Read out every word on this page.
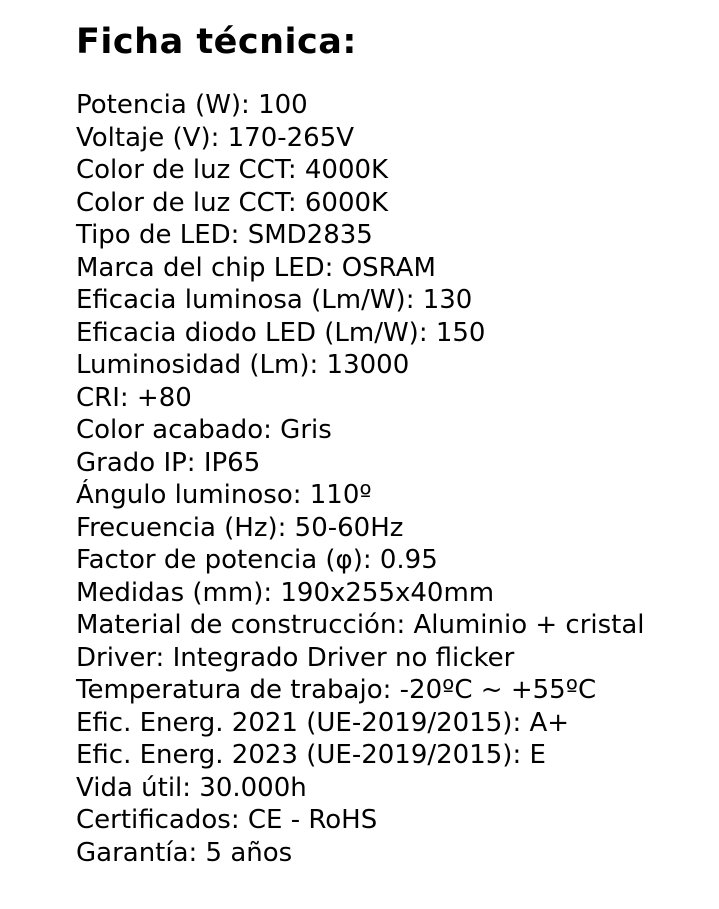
Ficha técnica:
Potencia (W): 100
Voltaje (V): 170-265V
Color de luz CCT: 4000K
Color de luz CCT: 6000K
Tipo de LED: SMD2835
Marca del chip LED: OSRAM
Eficacia luminosa (Lm/W): 130
Eficacia diodo LED (Lm/W): 150
Luminosidad (Lm): 13000
CRI: +80
Color acabado: Gris
Grado IP: IP65
Ángulo luminoso: 110º
Frecuencia (Hz): 50-60Hz
Factor de potencia (φ): 0.95
Medidas (mm): 190x255x40mm
Material de construcción: Aluminio + cristal
Driver: Integrado Driver no flicker
Temperatura de trabajo: -20ºC ~ +55ºC
Efic. Energ. 2021 (UE-2019/2015): A+
Efic. Energ. 2023 (UE-2019/2015): E
Vida útil: 30.000h
Certificados: CE - RoHS
Garantía: 5 años
